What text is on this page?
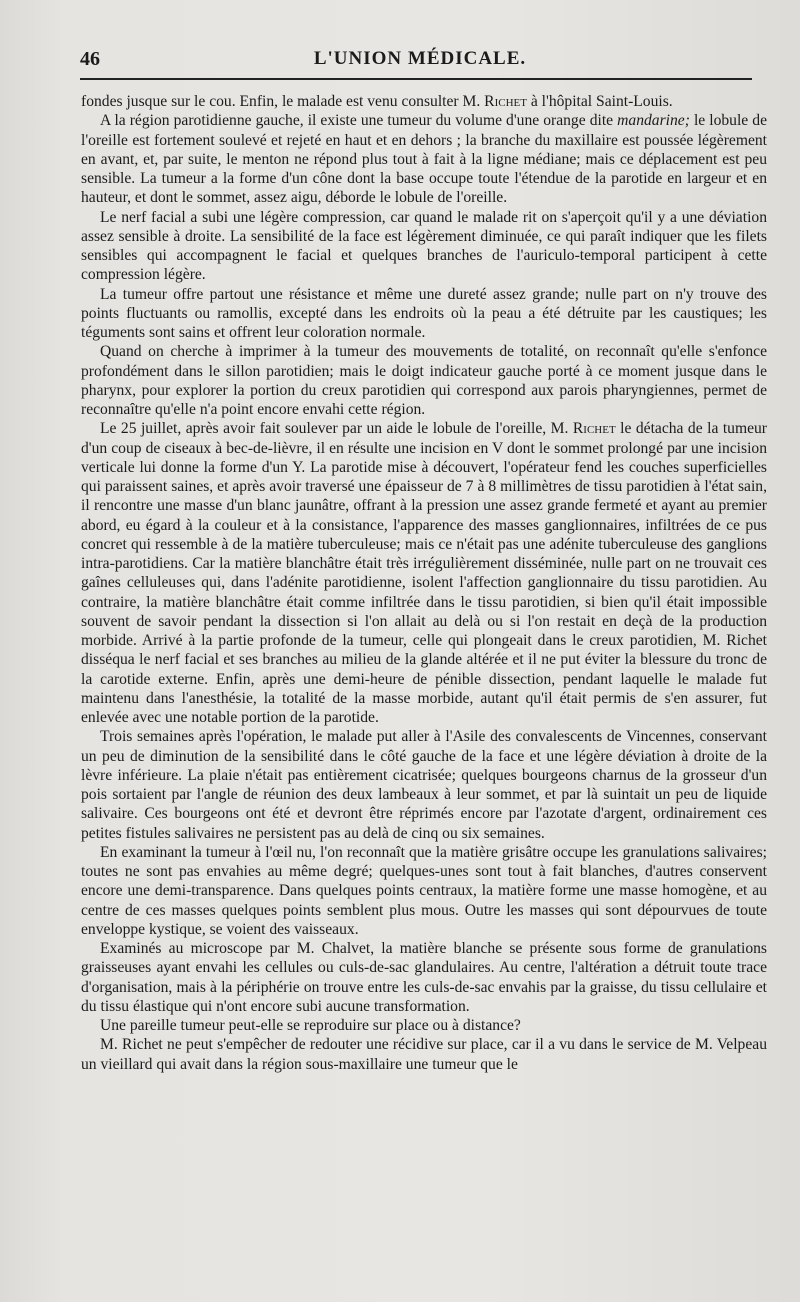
46	L'UNION MÉDICALE.

fondes jusque sur le cou. Enfin, le malade est venu consulter M. Richet à l'hôpital Saint-Louis.

A la région parotidienne gauche, il existe une tumeur du volume d'une orange dite mandarine; le lobule de l'oreille est fortement soulevé et rejeté en haut et en dehors ; la branche du maxillaire est poussée légèrement en avant, et, par suite, le menton ne répond plus tout à fait à la ligne médiane; mais ce déplacement est peu sensible. La tumeur a la forme d'un cône dont la base occupe toute l'étendue de la parotide en largeur et en hauteur, et dont le sommet, assez aigu, déborde le lobule de l'oreille.

Le nerf facial a subi une légère compression, car quand le malade rit on s'aperçoit qu'il y a une déviation assez sensible à droite. La sensibilité de la face est légèrement diminuée, ce qui paraît indiquer que les filets sensibles qui accompagnent le facial et quelques branches de l'auriculo-temporal participent à cette compression légère.

La tumeur offre partout une résistance et même une dureté assez grande; nulle part on n'y trouve des points fluctuants ou ramollis, excepté dans les endroits où la peau a été détruite par les caustiques; les téguments sont sains et offrent leur coloration normale.

Quand on cherche à imprimer à la tumeur des mouvements de totalité, on reconnaît qu'elle s'enfonce profondément dans le sillon parotidien; mais le doigt indicateur gauche porté à ce moment jusque dans le pharynx, pour explorer la portion du creux parotidien qui correspond aux parois pharyngiennes, permet de reconnaître qu'elle n'a point encore envahi cette région.

Le 25 juillet, après avoir fait soulever par un aide le lobule de l'oreille, M. Richet le détacha de la tumeur d'un coup de ciseaux à bec-de-lièvre, il en résulte une incision en V dont le sommet prolongé par une incision verticale lui donne la forme d'un Y. La parotide mise à découvert, l'opérateur fend les couches superficielles qui paraissent saines, et après avoir traversé une épaisseur de 7 à 8 millimètres de tissu parotidien à l'état sain, il rencontre une masse d'un blanc jaunâtre, offrant à la pression une assez grande fermeté et ayant au premier abord, eu égard à la couleur et à la consistance, l'apparence des masses ganglionnaires, infiltrées de ce pus concret qui ressemble à de la matière tuberculeuse; mais ce n'était pas une adénite tuberculeuse des ganglions intra-parotidiens. Car la matière blanchâtre était très irrégulièrement disséminée, nulle part on ne trouvait ces gaînes celluleuses qui, dans l'adénite parotidienne, isolent l'affection ganglionnaire du tissu parotidien. Au contraire, la matière blanchâtre était comme infiltrée dans le tissu parotidien, si bien qu'il était impossible souvent de savoir pendant la dissection si l'on allait au delà ou si l'on restait en deçà de la production morbide. Arrivé à la partie profonde de la tumeur, celle qui plongeait dans le creux parotidien, M. Richet disséqua le nerf facial et ses branches au milieu de la glande altérée et il ne put éviter la blessure du tronc de la carotide externe. Enfin, après une demi-heure de pénible dissection, pendant laquelle le malade fut maintenu dans l'anesthésie, la totalité de la masse morbide, autant qu'il était permis de s'en assurer, fut enlevée avec une notable portion de la parotide.

Trois semaines après l'opération, le malade put aller à l'Asile des convalescents de Vincennes, conservant un peu de diminution de la sensibilité dans le côté gauche de la face et une légère déviation à droite de la lèvre inférieure. La plaie n'était pas entièrement cicatrisée; quelques bourgeons charnus de la grosseur d'un pois sortaient par l'angle de réunion des deux lambeaux à leur sommet, et par là suintait un peu de liquide salivaire. Ces bourgeons ont été et devront être réprimés encore par l'azotate d'argent, ordinairement ces petites fistules salivaires ne persistent pas au delà de cinq ou six semaines.

En examinant la tumeur à l'œil nu, l'on reconnaît que la matière grisâtre occupe les granulations salivaires; toutes ne sont pas envahies au même degré; quelques-unes sont tout à fait blanches, d'autres conservent encore une demi-transparence. Dans quelques points centraux, la matière forme une masse homogène, et au centre de ces masses quelques points semblent plus mous. Outre les masses qui sont dépourvues de toute enveloppe kystique, se voient des vaisseaux.

Examinés au microscope par M. Chalvet, la matière blanche se présente sous forme de granulations graisseuses ayant envahi les cellules ou culs-de-sac glandulaires. Au centre, l'altération a détruit toute trace d'organisation, mais à la périphérie on trouve entre les culs-de-sac envahis par la graisse, du tissu cellulaire et du tissu élastique qui n'ont encore subi aucune transformation.

Une pareille tumeur peut-elle se reproduire sur place ou à distance?

M. Richet ne peut s'empêcher de redouter une récidive sur place, car il a vu dans le service de M. Velpeau un vieillard qui avait dans la région sous-maxillaire une tumeur que le
